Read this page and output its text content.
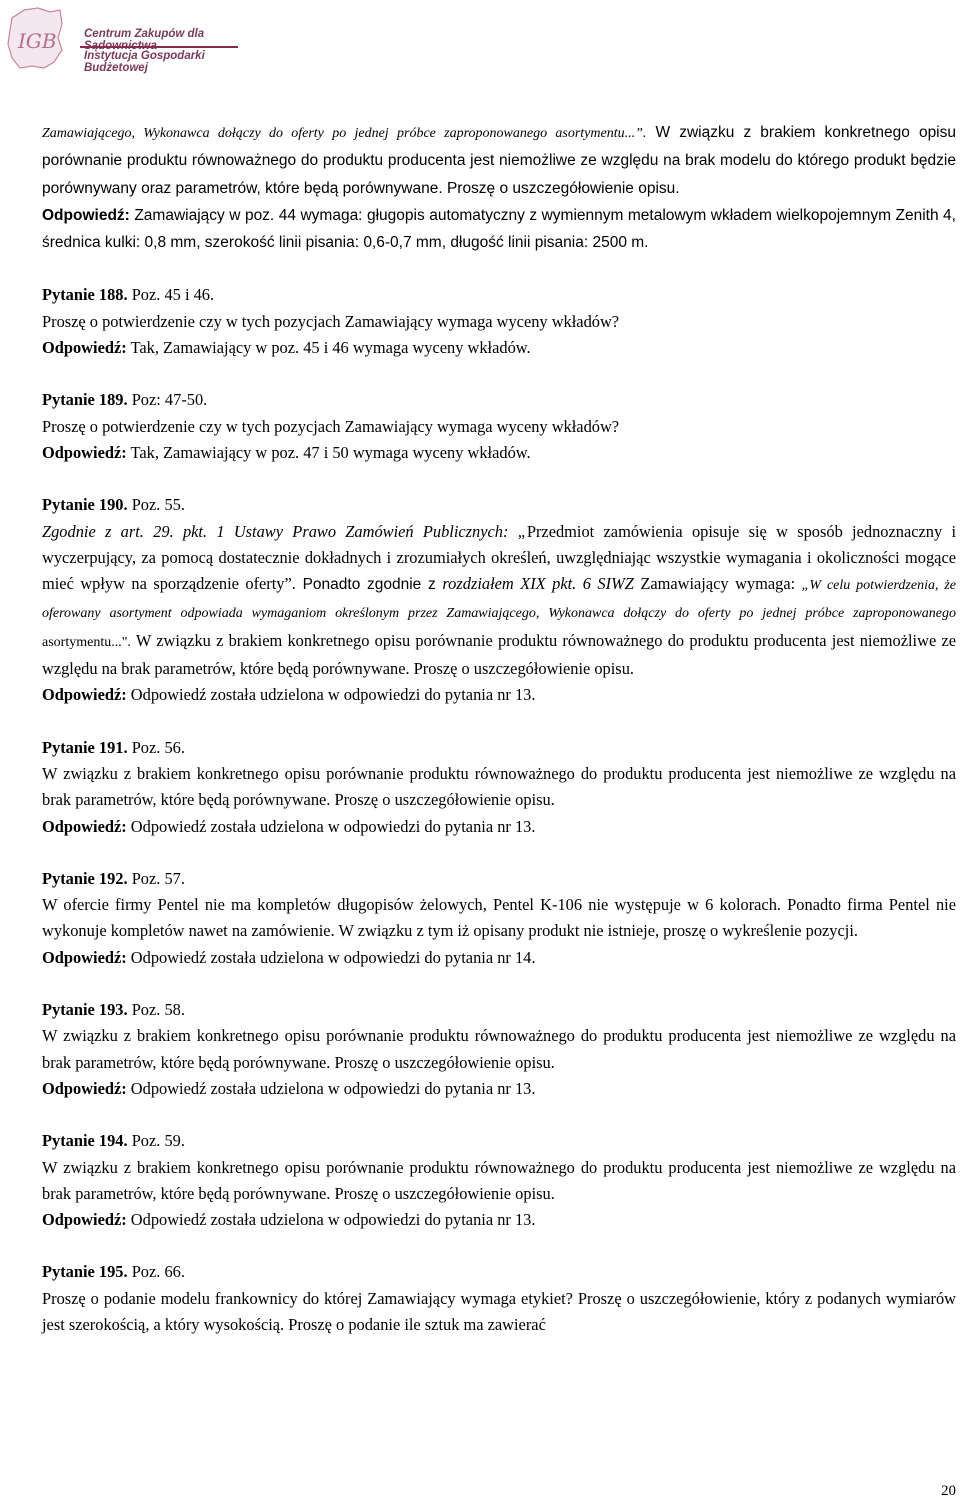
IGB Centrum Zakupów dla
Instytucja Gospodarki Budżetowej

Zamawiającego, Wykonawca dołączy do oferty po jednej próbce zaproponowanego asortymentu...”. W związku z brakiem konkretnego opisu porównanie produktu równoważnego do produktu producenta jest niemożliwe ze względu na brak modelu do którego produkt będzie porównywany oraz parametrów, które będą porównywane. Proszę o uszczegółowienie opisu.

Odpowiedź: Zamawiający w poz. 44 wymaga: gługopis automatyczny z wymiennym metalowym wkładem wielkopojemnym Zenith 4, średnica kulki: 0,8 mm, szerokość linii pisania: 0,6-0,7 mm, długość linii pisania: 2500 m.

Pytanie 188. Poz. 45 i 46.

Proszę o potwierdzenie czy w tych pozycjach Zamawiający wymaga wyceny wkładów?

Odpowiedź: Tak, Zamawiający w poz. 45 i 46 wymaga wyceny wkładów.

Pytanie 189. Poz: 47-50.

Proszę o potwierdzenie czy w tych pozycjach Zamawiający wymaga wyceny wkładów?

Odpowiedź: Tak, Zamawiający w poz. 47 i 50 wymaga wyceny wkładów.

Pytanie 190. Poz. 55.

Zgodnie z art. 29. pkt. 1 Ustawy Prawo Zamówień Publicznych: „Przedmiot zamówienia opisuje się w sposób jednoznaczny i wyczerpujący, za pomocą dostatecznie dokładnych i zrozumiałych określeń, uwzględniając wszystkie wymagania i okoliczności mogące mieć wpływ na sporządzenie oferty”. Ponadto zgodnie z rozdziałem XIX pkt. 6 SIWZ Zamawiający wymaga: „W celu potwierdzenia, że oferowany asortyment odpowiada wymaganiom określonym przez Zamawiającego, Wykonawca dołączy do oferty po jednej próbce zaproponowanego asortymentu...". W związku z brakiem konkretnego opisu porównanie produktu równoważnego do produktu producenta jest niemożliwe ze względu na brak parametrów, które będą porównywane. Proszę o uszczegółowienie opisu.

Odpowiedź: Odpowiedź została udzielona w odpowiedzi do pytania nr 13.

Pytanie 191. Poz. 56.

W związku z brakiem konkretnego opisu porównanie produktu równoważnego do produktu producenta jest niemożliwe ze względu na brak parametrów, które będą porównywane. Proszę o uszczegółowienie opisu.

Odpowiedź: Odpowiedź została udzielona w odpowiedzi do pytania nr 13.

Pytanie 192. Poz. 57.

W ofercie firmy Pentel nie ma kompletów długopisów żelowych, Pentel K-106 nie występuje w 6 kolorach. Ponadto firma Pentel nie wykonuje kompletów nawet na zamówienie. W związku z tym iż opisany produkt nie istnieje, proszę o wykreślenie pozycji.

Odpowiedź: Odpowiedź została udzielona w odpowiedzi do pytania nr 14.

Pytanie 193. Poz. 58.

W związku z brakiem konkretnego opisu porównanie produktu równoważnego do produktu producenta jest niemożliwe ze względu na brak parametrów, które będą porównywane. Proszę o uszczegółowienie opisu.

Odpowiedź: Odpowiedź została udzielona w odpowiedzi do pytania nr 13.

Pytanie 194. Poz. 59.

W związku z brakiem konkretnego opisu porównanie produktu równoważnego do produktu producenta jest niemożliwe ze względu na brak parametrów, które będą porównywane. Proszę o uszczegółowienie opisu.

Odpowiedź: Odpowiedź została udzielona w odpowiedzi do pytania nr 13.

Pytanie 195. Poz. 66.

Proszę o podanie modelu frankownicy do której Zamawiający wymaga etykiet? Proszę o uszczegółowienie, który z podanych wymiarów jest szerokością, a który wysokością. Proszę o podanie ile sztuk ma zawierać

20
